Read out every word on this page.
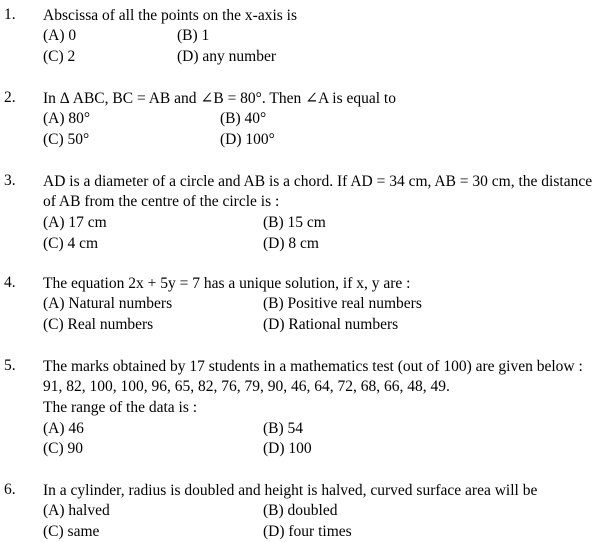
1. Abscissa of all the points on the x-axis is
(A) 0	(B) 1
(C) 2	(D) any number
2. In Δ ABC, BC = AB and ∠B = 80°. Then ∠A is equal to
(A) 80°	(B) 40°
(C) 50°	(D) 100°
3. AD is a diameter of a circle and AB is a chord. If AD = 34 cm, AB = 30 cm, the distance
of AB from the centre of the circle is :
(A) 17 cm	(B) 15 cm
(C) 4 cm	(D) 8 cm
4. The equation 2x + 5y = 7 has a unique solution, if x, y are :
(A) Natural numbers	(B) Positive real numbers
(C) Real numbers	(D) Rational numbers
5. The marks obtained by 17 students in a mathematics test (out of 100) are given below :
91, 82, 100, 100, 96, 65, 82, 76, 79, 90, 46, 64, 72, 68, 66, 48, 49.
The range of the data is :
(A) 46	(B) 54
(C) 90	(D) 100
6. In a cylinder, radius is doubled and height is halved, curved surface area will be
(A) halved	(B) doubled
(C) same	(D) four times
